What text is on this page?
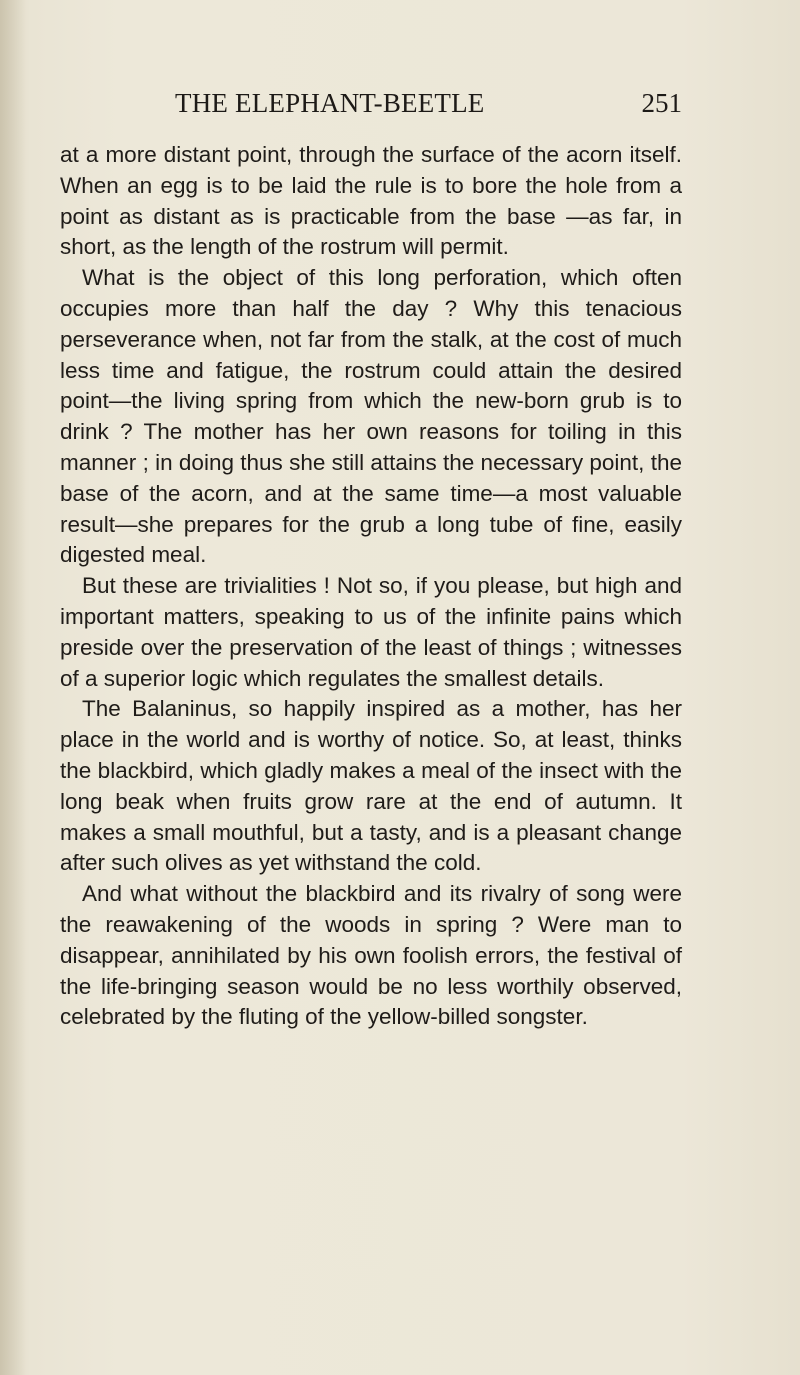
THE ELEPHANT-BEETLE	251

at a more distant point, through the surface of the acorn itself. When an egg is to be laid the rule is to bore the hole from a point as distant as is practicable from the base —as far, in short, as the length of the rostrum will permit.

What is the object of this long perforation, which often occupies more than half the day ? Why this tenacious perseverance when, not far from the stalk, at the cost of much less time and fatigue, the rostrum could attain the desired point—the living spring from which the new-born grub is to drink ? The mother has her own reasons for toiling in this manner ; in doing thus she still attains the necessary point, the base of the acorn, and at the same time—a most valuable result—she prepares for the grub a long tube of fine, easily digested meal.

But these are trivialities ! Not so, if you please, but high and important matters, speaking to us of the infinite pains which preside over the preservation of the least of things ; witnesses of a superior logic which regulates the smallest details.

The Balaninus, so happily inspired as a mother, has her place in the world and is worthy of notice. So, at least, thinks the blackbird, which gladly makes a meal of the insect with the long beak when fruits grow rare at the end of autumn. It makes a small mouthful, but a tasty, and is a pleasant change after such olives as yet withstand the cold.

And what without the blackbird and its rivalry of song were the reawakening of the woods in spring ? Were man to disappear, annihilated by his own foolish errors, the festival of the life-bringing season would be no less worthily observed, celebrated by the fluting of the yellow-billed songster.
